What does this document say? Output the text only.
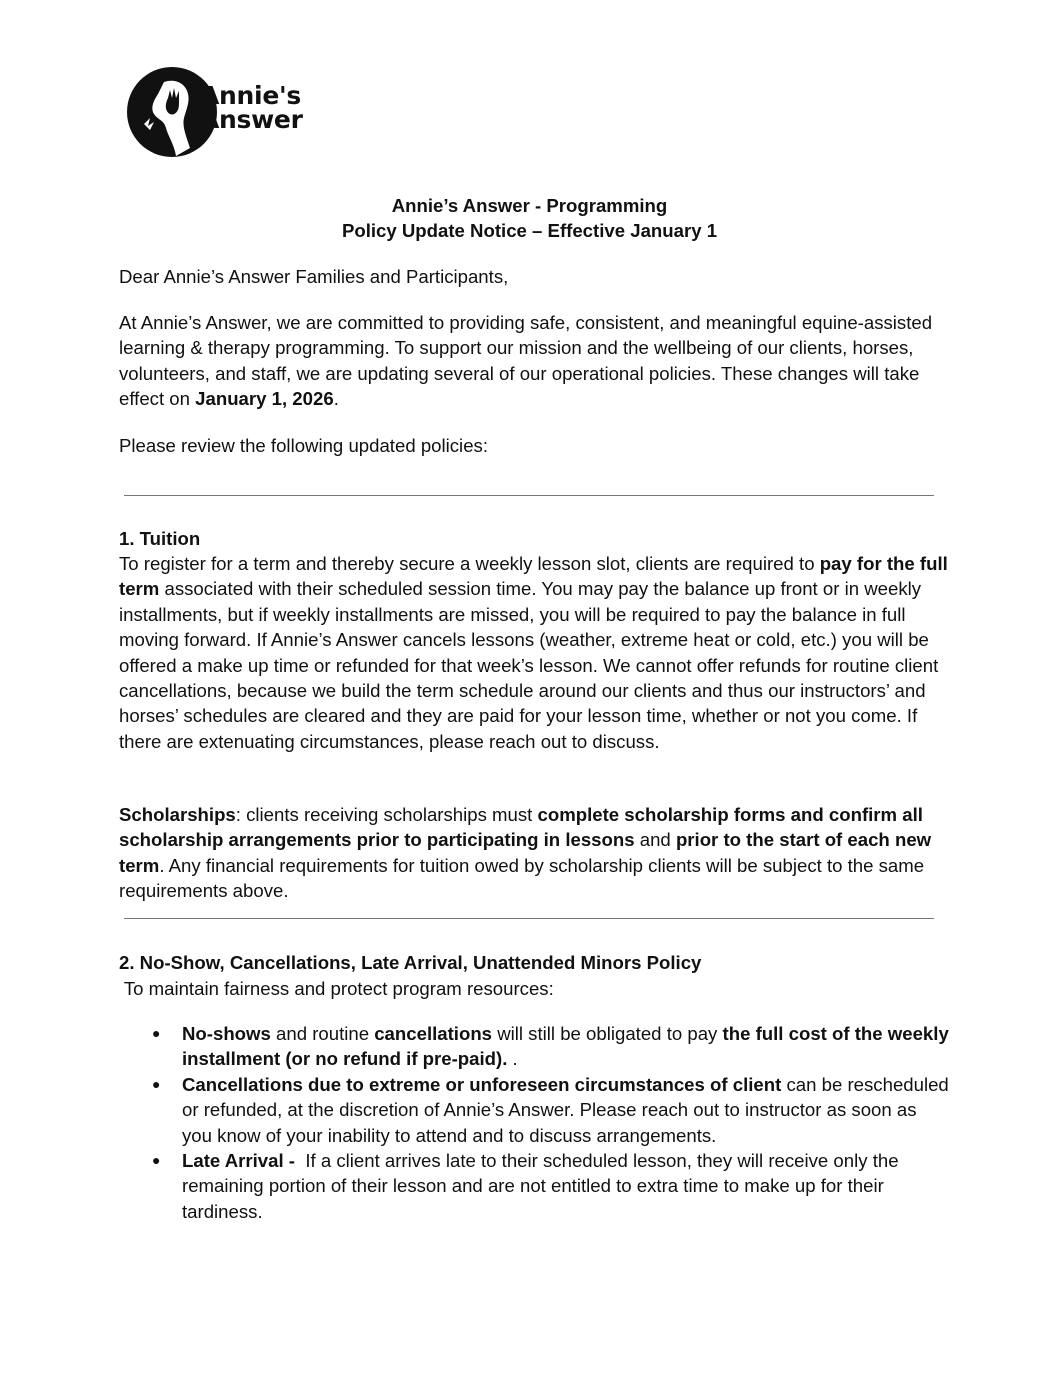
Annie's
Answer
Annie’s Answer - Programming
Policy Update Notice – Effective January 1

Dear Annie’s Answer Families and Participants,

At Annie’s Answer, we are committed to providing safe, consistent, and meaningful equine-assisted learning & therapy programming. To support our mission and the wellbeing of our clients, horses, volunteers, and staff, we are updating several of our operational policies. These changes will take effect on January 1, 2026.

Please review the following updated policies:

1. Tuition

To register for a term and thereby secure a weekly lesson slot, clients are required to pay for the full term associated with their scheduled session time. You may pay the balance up front or in weekly installments, but if weekly installments are missed, you will be required to pay the balance in full moving forward. If Annie’s Answer cancels lessons (weather, extreme heat or cold, etc.) you will be offered a make up time or refunded for that week’s lesson. We cannot offer refunds for routine client cancellations, because we build the term schedule around our clients and thus our instructors’ and horses’ schedules are cleared and they are paid for your lesson time, whether or not you come. If there are extenuating circumstances, please reach out to discuss.

Scholarships: clients receiving scholarships must complete scholarship forms and confirm all scholarship arrangements prior to participating in lessons and prior to the start of each new term. Any financial requirements for tuition owed by scholarship clients will be subject to the same requirements above.

2. No-Show, Cancellations, Late Arrival, Unattended Minors Policy

To maintain fairness and protect program resources:

● No-shows and routine cancellations will still be obligated to pay the full cost of the weekly installment (or no refund if pre-paid). .
● Cancellations due to extreme or unforeseen circumstances of client can be rescheduled or refunded, at the discretion of Annie’s Answer. Please reach out to instructor as soon as you know of your inability to attend and to discuss arrangements.
● Late Arrival -  If a client arrives late to their scheduled lesson, they will receive only the remaining portion of their lesson and are not entitled to extra time to make up for their tardiness.
